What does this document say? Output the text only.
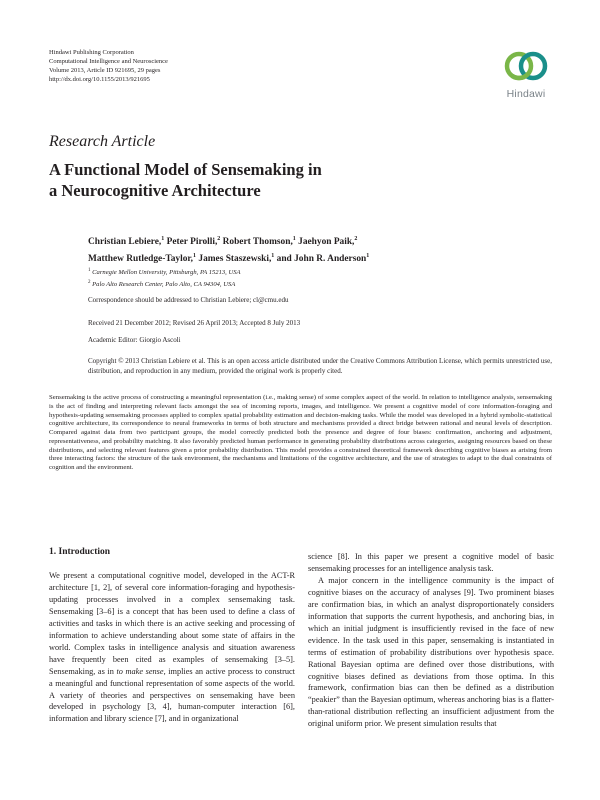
Hindawi Publishing Corporation
Computational Intelligence and Neuroscience
Volume 2013, Article ID 921695, 29 pages
http://dx.doi.org/10.1155/2013/921695
Hindawi
Research Article
A Functional Model of Sensemaking in
a Neurocognitive Architecture
Christian Lebiere,$^1$ Peter Pirolli,$^2$ Robert Thomson,$^1$ Jaehyon Paik,$^2$
Matthew Rutledge-Taylor,$^1$ James Staszewski,$^1$ and John R. Anderson$^1$
$^1$ Carnegie Mellon University, Pittsburgh, PA 15213, USA
$^2$ Palo Alto Research Center, Palo Alto, CA 94304, USA
Correspondence should be addressed to Christian Lebiere; cl@cmu.edu
Received 21 December 2012; Revised 26 April 2013; Accepted 8 July 2013
Academic Editor: Giorgio Ascoli
Copyright © 2013 Christian Lebiere et al. This is an open access article distributed under the Creative Commons Attribution License, which permits unrestricted use, distribution, and reproduction in any medium, provided the original work is properly cited.
Sensemaking is the active process of constructing a meaningful representation (i.e., making sense) of some complex aspect of the world. In relation to intelligence analysis, sensemaking is the act of finding and interpreting relevant facts amongst the sea of incoming reports, images, and intelligence. We present a cognitive model of core information-foraging and hypothesis-updating sensemaking processes applied to complex spatial probability estimation and decision-making tasks. While the model was developed in a hybrid symbolic-statistical cognitive architecture, its correspondence to neural frameworks in terms of both structure and mechanisms provided a direct bridge between rational and neural levels of description. Compared against data from two participant groups, the model correctly predicted both the presence and degree of four biases: confirmation, anchoring and adjustment, representativeness, and probability matching. It also favorably predicted human performance in generating probability distributions across categories, assigning resources based on these distributions, and selecting relevant features given a prior probability distribution. This model provides a constrained theoretical framework describing cognitive biases as arising from three interacting factors: the structure of the task environment, the mechanisms and limitations of the cognitive architecture, and the use of strategies to adapt to the dual constraints of cognition and the environment.
1. Introduction

We present a computational cognitive model, developed in the ACT-R architecture [1, 2], of several core information-foraging and hypothesis-updating processes involved in a complex sensemaking task. Sensemaking [3–6] is a concept that has been used to define a class of activities and tasks in which there is an active seeking and processing of information to achieve understanding about some state of affairs in the world. Complex tasks in intelligence analysis and situation awareness have frequently been cited as examples of sensemaking [3–5]. Sensemaking, as in to make sense, implies an active process to construct a meaningful and functional representation of some aspects of the world. A variety of theories and perspectives on sensemaking have been developed in psychology [3, 4], human-computer interaction [6], information and library science [7], and in organizational

science [8]. In this paper we present a cognitive model of basic sensemaking processes for an intelligence analysis task.

A major concern in the intelligence community is the impact of cognitive biases on the accuracy of analyses [9]. Two prominent biases are confirmation bias, in which an analyst disproportionately considers information that supports the current hypothesis, and anchoring bias, in which an initial judgment is insufficiently revised in the face of new evidence. In the task used in this paper, sensemaking is instantiated in terms of estimation of probability distributions over hypothesis space. Rational Bayesian optima are defined over those distributions, with cognitive biases defined as deviations from those optima. In this framework, confirmation bias can then be defined as a distribution “peakier” than the Bayesian optimum, whereas anchoring bias is a flatter-than-rational distribution reflecting an insufficient adjustment from the original uniform prior. We present simulation results that
